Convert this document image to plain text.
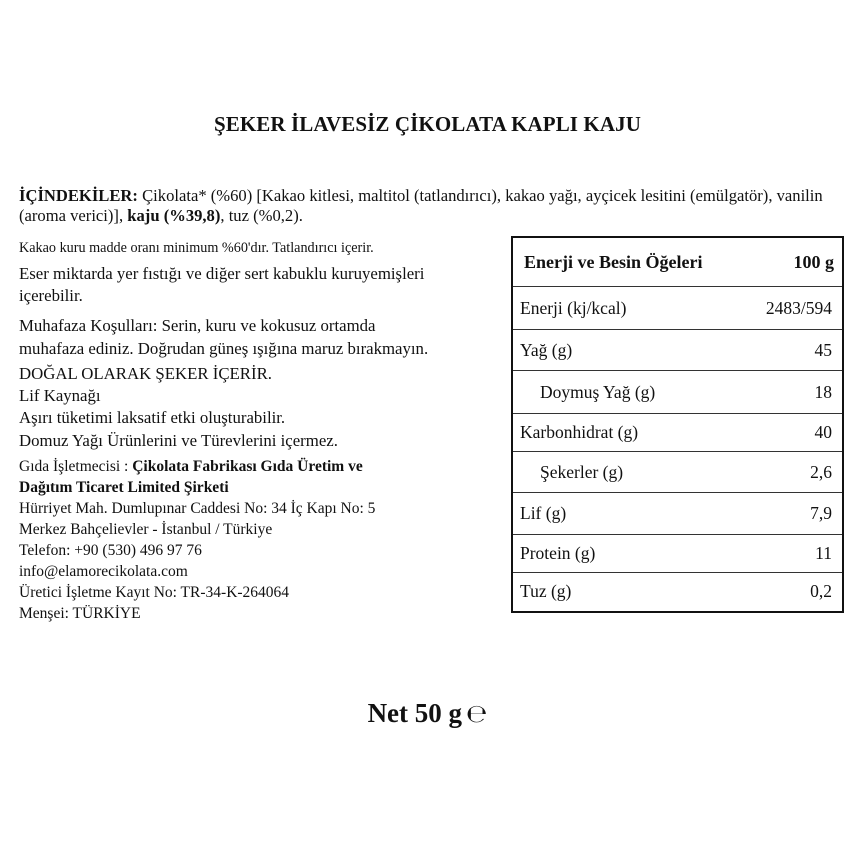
ŞEKER İLAVESİZ ÇİKOLATA KAPLI KAJU
İÇİNDEKİLER: Çikolata* (%60) [Kakao kitlesi, maltitol (tatlandırıcı), kakao yağı, ayçicek lesitini (emülgatör), vanilin (aroma verici)], kaju (%39,8), tuz (%0,2).
Kakao kuru madde oranı minimum %60'dır. Tatlandırıcı içerir.
Eser miktarda yer fıstığı ve diğer sert kabuklu kuruyemişleri
içerebilir.
Muhafaza Koşulları: Serin, kuru ve kokusuz ortamda
muhafaza ediniz. Doğrudan güneş ışığına maruz bırakmayın.
DOĞAL OLARAK ŞEKER İÇERİR.
Lif Kaynağı
Aşırı tüketimi laksatif etki oluşturabilir.
Domuz Yağı Ürünlerini ve Türevlerini içermez.
Gıda İşletmecisi : Çikolata Fabrikası Gıda Üretim ve
Dağıtım Ticaret Limited Şirketi
Hürriyet Mah. Dumlupınar Caddesi No: 34 İç Kapı No: 5
Merkez Bahçelievler - İstanbul / Türkiye
Telefon: +90 (530) 496 97 76
info@elamorecikolata.com
Üretici İşletme Kayıt No: TR-34-K-264064
Menşei: TÜRKİYE
Enerji ve Besin Öğeleri	100 g
Enerji (kj/kcal)	2483/594
Yağ (g)	45
Doymuş Yağ (g)	18
Karbonhidrat (g)	40
Şekerler (g)	2,6
Lif (g)	7,9
Protein (g)	11
Tuz (g)	0,2
Net 50 g ℮
